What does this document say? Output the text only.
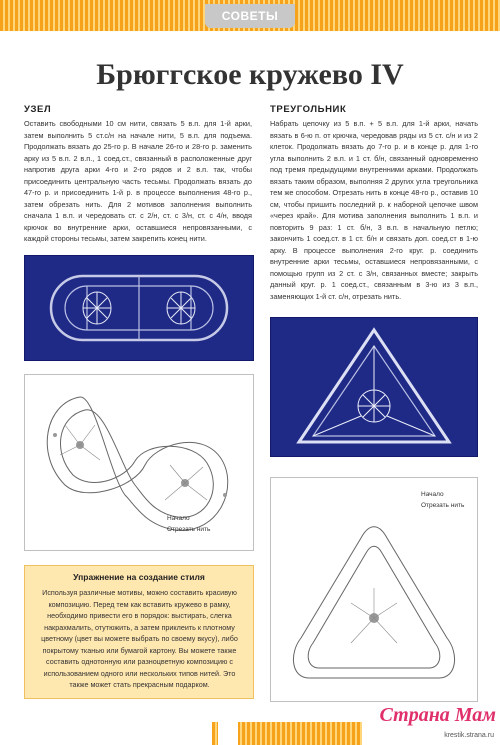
СОВЕТЫ
Брюггское кружево IV
УЗЕЛ
Оставить свободными 10 см нити, связать 5 в.п. для 1-й арки, затем выполнить 5 ст.с/н на начале нити, 5 в.п. для подъема. Продолжать вязать до 25-го р. В начале 26-го и 28-го р. заменить арку из 5 в.п. 2 в.п., 1 соед.ст., связанный в расположенные друг напротив друга арки 4-го и 2-го рядов и 2 в.п. так, чтобы присоединить центральную часть тесьмы. Продолжать вязать до 47-го р. и присоединить 1-й р. в процессе выполнения 48-го р., затем обрезать нить. Для 2 мотивов заполнения выполнить сначала 1 в.п. и чередовать ст. с 2/н, ст. с 3/н, ст. с 4/н, вводя крючок во внутренние арки, оставшиеся непровязанными, с каждой стороны тесьмы, затем закрепить конец нити.
Начало
Отрезать нить
Упражнение на создание стиля
Используя различные мотивы, можно составить красивую композицию. Перед тем как вставить кружево в рамку, необходимо привести его в порядок: выстирать, слегка накрахмалить, отутюжить, а затем приклеить к плотному цветному (цвет вы можете выбрать по своему вкусу), либо покрытому тканью или бумагой картону. Вы можете также составить однотонную или разноцветную композицию с использованием одного или нескольких типов нитей. Это также может стать прекрасным подарком.
ТРЕУГОЛЬНИК
Набрать цепочку из 5 в.п. + 5 в.п. для 1-й арки, начать вязать в 6-ю п. от крючка, чередовав ряды из 5 ст. с/н и из 2 клеток. Продолжать вязать до 7-го р. и в конце р. для 1-го угла выполнить 2 в.п. и 1 ст. б/н, связанный одновременно под тремя предыдущими внутренними арками. Продолжать вязать таким образом, выполняя 2 других угла треугольника тем же способом. Отрезать нить в конце 48-го р., оставив 10 см, чтобы пришить последний р. к наборной цепочке швом «через край». Для мотива заполнения выполнить 1 в.п. и повторить 9 раз: 1 ст. б/н, 3 в.п. в начальную петлю; закончить 1 соед.ст. в 1 ст. б/н и связать доп. соед.ст в 1-ю арку. В процессе выполнения 2-го круг. р. соединить внутренние арки тесьмы, оставшиеся непровязанными, с помощью групп из 2 ст. с 3/н, связанных вместе; закрыть данный круг. р. 1 соед.ст., связанным в 3-ю из 3 в.п., заменяющих 1-й ст. с/н, отрезать нить.
Начало
Отрезать нить
Страна Мам
krestik.strana.ru
